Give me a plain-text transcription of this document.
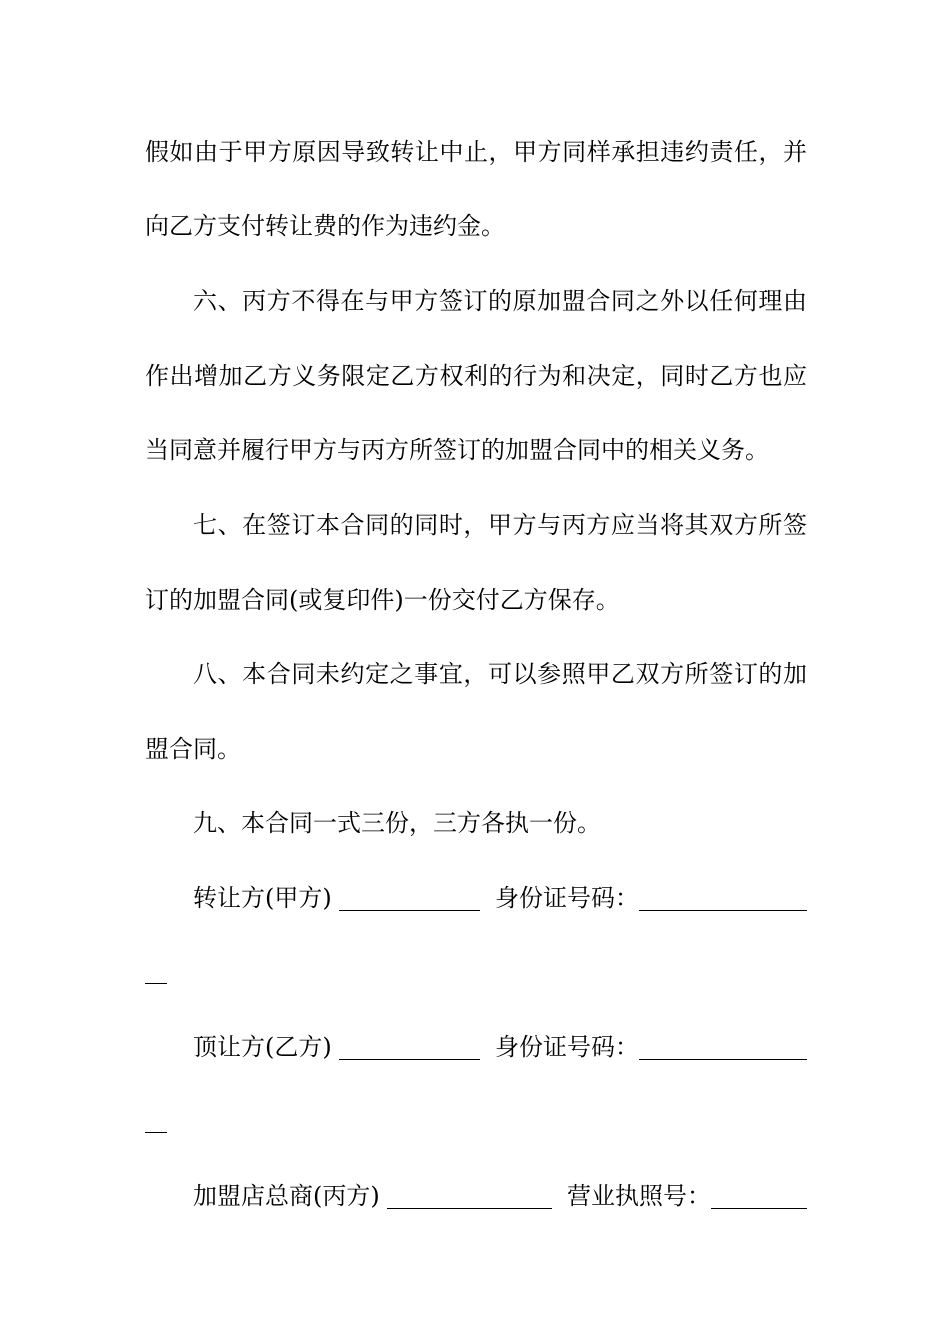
假如由于甲方原因导致转让中止，甲方同样承担违约责任，并
向乙方支付转让费的作为违约金。
六、丙方不得在与甲方签订的原加盟合同之外以任何理由
作出增加乙方义务限定乙方权利的行为和决定，同时乙方也应
当同意并履行甲方与丙方所签订的加盟合同中的相关义务。
七、在签订本合同的同时，甲方与丙方应当将其双方所签
订的加盟合同(或复印件)一份交付乙方保存。
八、本合同未约定之事宜，可以参照甲乙双方所签订的加
盟合同。
九、本合同一式三份，三方各执一份。
转让方(甲方)	身份证号码：
顶让方(乙方)	身份证号码：
加盟店总商(丙方)	营业执照号：
